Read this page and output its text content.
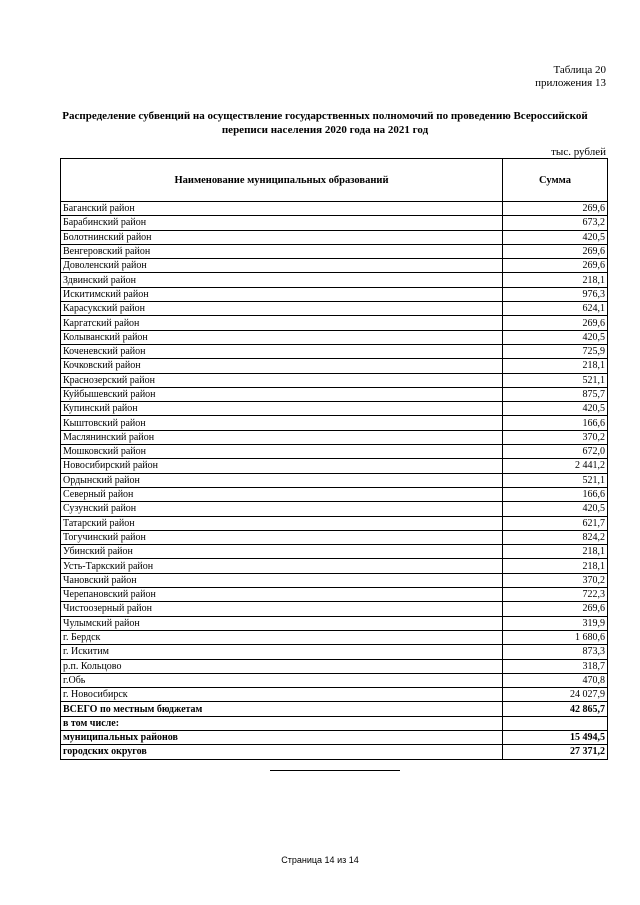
Таблица 20
приложения 13
Распределение субвенций на осуществление государственных полномочий по проведению Всероссийской переписи населения 2020 года на 2021 год
тыс. рублей
Наименование муниципальных образований	Сумма
Баганский район	269,6
Барабинский район	673,2
Болотнинский район	420,5
Венгеровский район	269,6
Доволенский район	269,6
Здвинский район	218,1
Искитимский район	976,3
Карасукский район	624,1
Каргатский район	269,6
Колыванский район	420,5
Коченевский район	725,9
Кочковский район	218,1
Краснозерский район	521,1
Куйбышевский район	875,7
Купинский район	420,5
Кыштовский район	166,6
Маслянинский район	370,2
Мошковский район	672,0
Новосибирский район	2 441,2
Ордынский район	521,1
Северный район	166,6
Сузунский район	420,5
Татарский район	621,7
Тогучинский район	824,2
Убинский район	218,1
Усть-Таркский район	218,1
Чановский район	370,2
Черепановский район	722,3
Чистоозерный район	269,6
Чулымский район	319,9
г. Бердск	1 680,6
г. Искитим	873,3
р.п. Кольцово	318,7
г.Обь	470,8
г. Новосибирск	24 027,9
ВСЕГО по местным бюджетам	42 865,7
в том числе:	
муниципальных районов	15 494,5
городских округов	27 371,2
Страница 14 из 14
